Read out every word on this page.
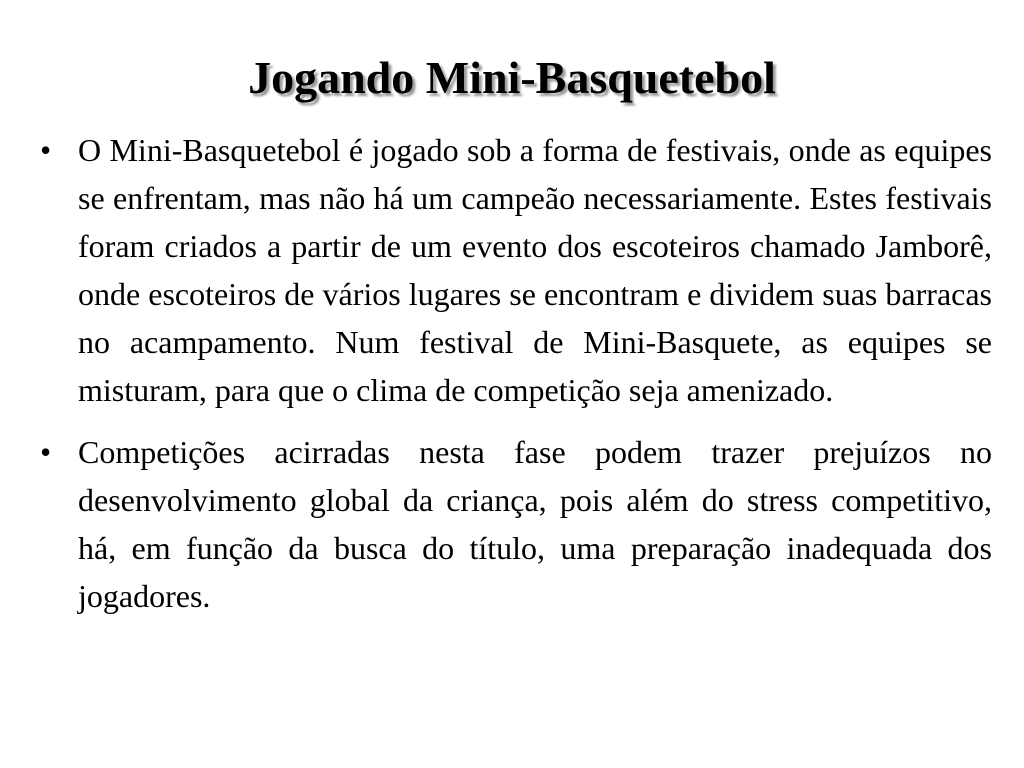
Jogando Mini-Basquetebol
• O Mini-Basquetebol é jogado sob a forma de festivais, onde as equipes se enfrentam, mas não há um campeão necessariamente. Estes festivais foram criados a partir de um evento dos escoteiros chamado Jamborê, onde escoteiros de vários lugares se encontram e dividem suas barracas no acampamento. Num festival de Mini-Basquete, as equipes se misturam, para que o clima de competição seja amenizado.
• Competições acirradas nesta fase podem trazer prejuízos no desenvolvimento global da criança, pois além do stress competitivo, há, em função da busca do título, uma preparação inadequada dos jogadores.
